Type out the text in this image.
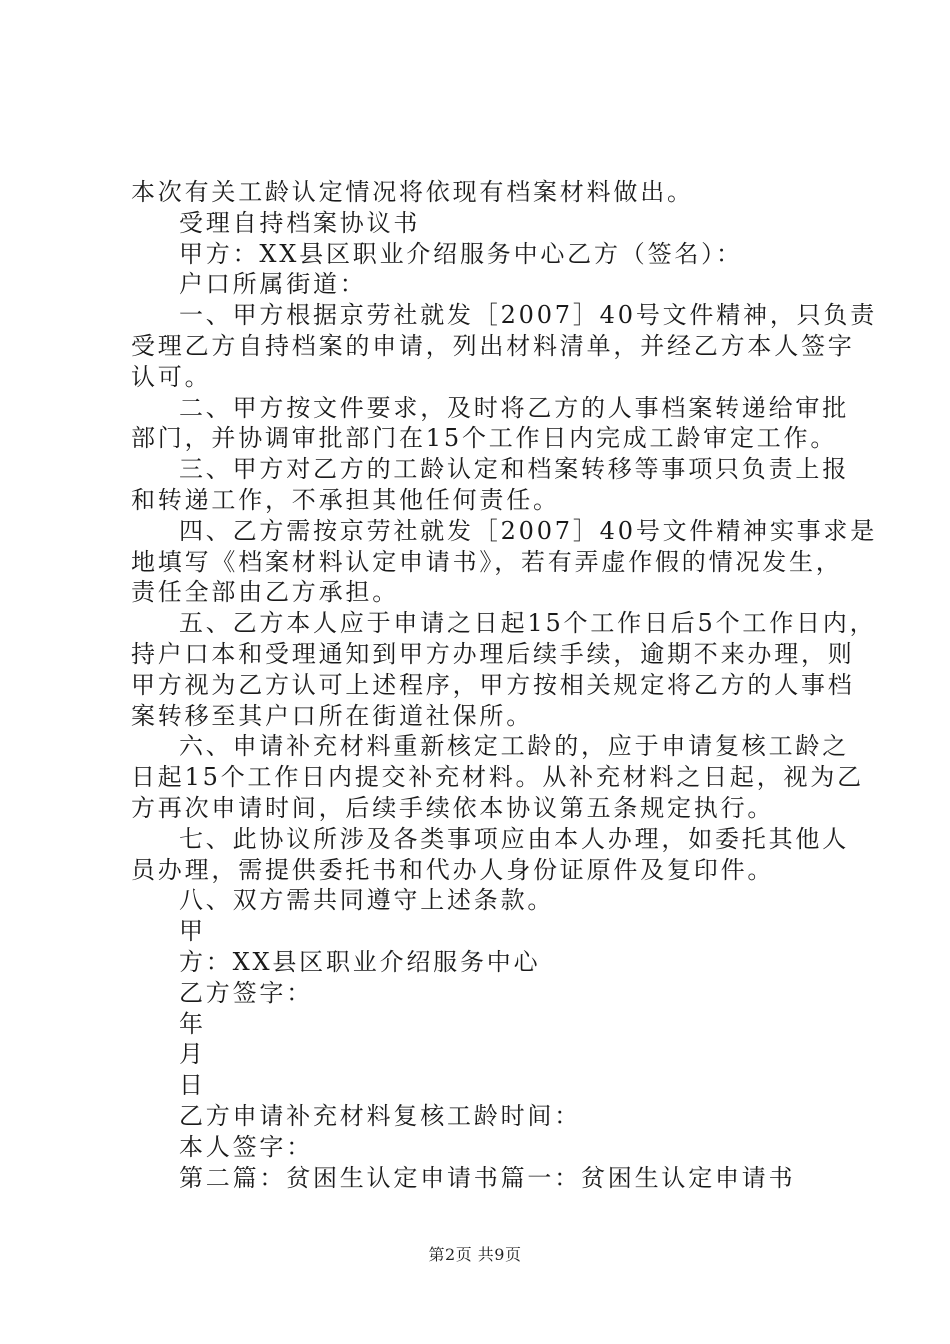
本次有关工龄认定情况将依现有档案材料做出。
受理自持档案协议书
甲方：XX县区职业介绍服务中心乙方（签名）：
户口所属街道：
一、甲方根据京劳社就发［2007］40号文件精神，只负责
受理乙方自持档案的申请，列出材料清单，并经乙方本人签字
认可。
二、甲方按文件要求，及时将乙方的人事档案转递给审批
部门，并协调审批部门在15个工作日内完成工龄审定工作。
三、甲方对乙方的工龄认定和档案转移等事项只负责上报
和转递工作，不承担其他任何责任。
四、乙方需按京劳社就发［2007］40号文件精神实事求是
地填写《档案材料认定申请书》，若有弄虚作假的情况发生，
责任全部由乙方承担。
五、乙方本人应于申请之日起15个工作日后5个工作日内，
持户口本和受理通知到甲方办理后续手续，逾期不来办理，则
甲方视为乙方认可上述程序，甲方按相关规定将乙方的人事档
案转移至其户口所在街道社保所。
六、申请补充材料重新核定工龄的，应于申请复核工龄之
日起15个工作日内提交补充材料。从补充材料之日起，视为乙
方再次申请时间，后续手续依本协议第五条规定执行。
七、此协议所涉及各类事项应由本人办理，如委托其他人
员办理，需提供委托书和代办人身份证原件及复印件。
八、双方需共同遵守上述条款。
甲
方：XX县区职业介绍服务中心
乙方签字：
年
月
日
乙方申请补充材料复核工龄时间：
本人签字：
第二篇：贫困生认定申请书篇一：贫困生认定申请书
第2页 共9页
